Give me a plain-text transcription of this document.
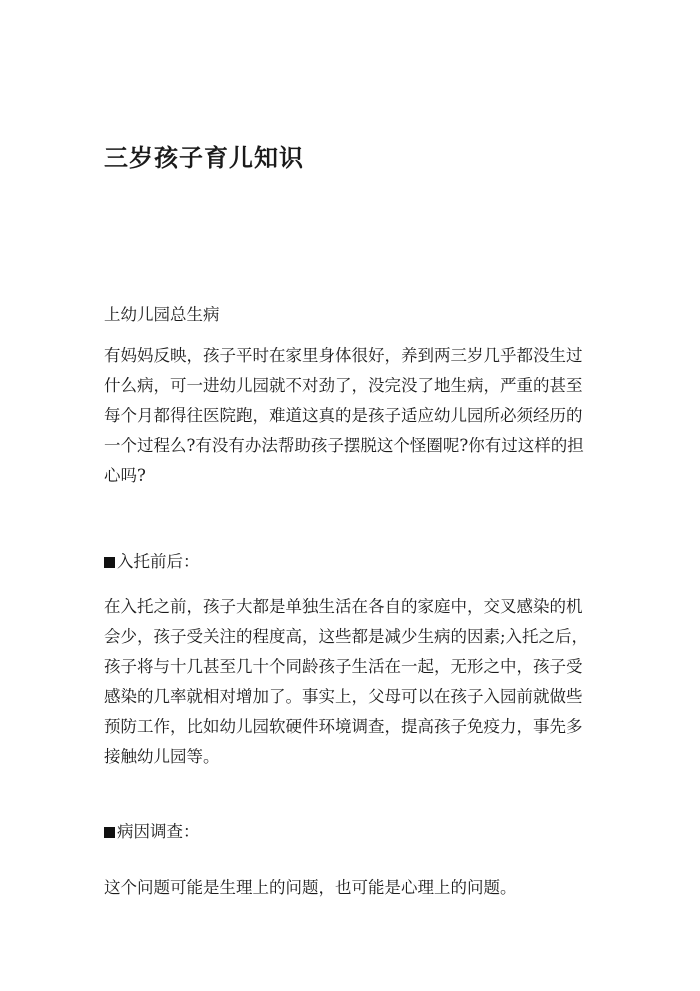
三岁孩子育儿知识

上幼儿园总生病

有妈妈反映，孩子平时在家里身体很好，养到两三岁几乎都没生过
什么病，可一进幼儿园就不对劲了，没完没了地生病，严重的甚至
每个月都得往医院跑，难道这真的是孩子适应幼儿园所必须经历的
一个过程么?有没有办法帮助孩子摆脱这个怪圈呢?你有过这样的担
心吗?

入托前后：

在入托之前，孩子大都是单独生活在各自的家庭中，交叉感染的机
会少，孩子受关注的程度高，这些都是减少生病的因素;入托之后，
孩子将与十几甚至几十个同龄孩子生活在一起，无形之中，孩子受
感染的几率就相对增加了。事实上，父母可以在孩子入园前就做些
预防工作，比如幼儿园软硬件环境调查，提高孩子免疫力，事先多
接触幼儿园等。

病因调查：

这个问题可能是生理上的问题，也可能是心理上的问题。
